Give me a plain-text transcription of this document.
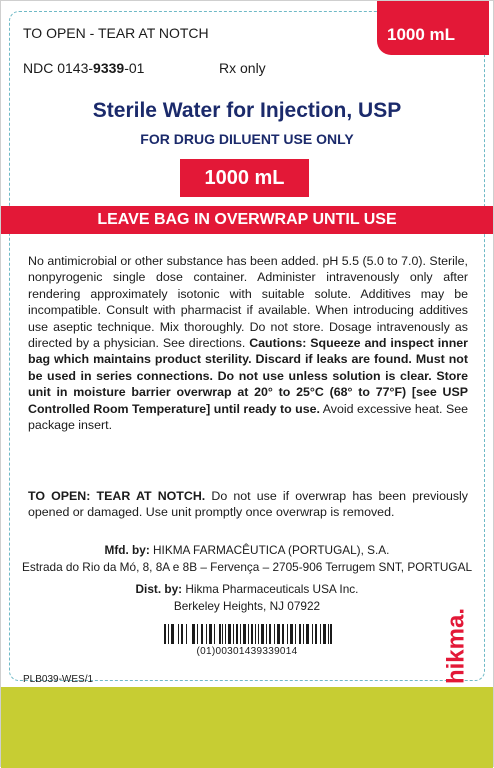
TO OPEN - TEAR AT NOTCH	1000 mL
NDC 0143-9339-01	Rx only
Sterile Water for Injection, USP
FOR DRUG DILUENT USE ONLY
1000 mL
LEAVE BAG IN OVERWRAP UNTIL USE
No antimicrobial or other substance has been added. pH 5.5 (5.0 to 7.0). Sterile, nonpyrogenic single dose container. Administer intravenously only after rendering approximately isotonic with suitable solute. Additives may be incompatible. Consult with pharmacist if available. When introducing additives use aseptic technique. Mix thoroughly. Do not store. Dosage intravenously as directed by a physician. See directions. Cautions: Squeeze and inspect inner bag which maintains product sterility. Discard if leaks are found. Must not be used in series connections. Do not use unless solution is clear. Store unit in moisture barrier overwrap at 20° to 25°C (68° to 77°F) [see USP Controlled Room Temperature] until ready to use. Avoid excessive heat. See package insert.
TO OPEN: TEAR AT NOTCH. Do not use if overwrap has been previously opened or damaged. Use unit promptly once overwrap is removed.
Mfd. by: HIKMA FARMACÊUTICA (PORTUGAL), S.A.
Estrada do Rio da Mó, 8, 8A e 8B – Fervença – 2705-906 Terrugem SNT, PORTUGAL
Dist. by: Hikma Pharmaceuticals USA Inc.
Berkeley Heights, NJ 07922
(01)00301439339014
PLB039-WES/1	hikma.
